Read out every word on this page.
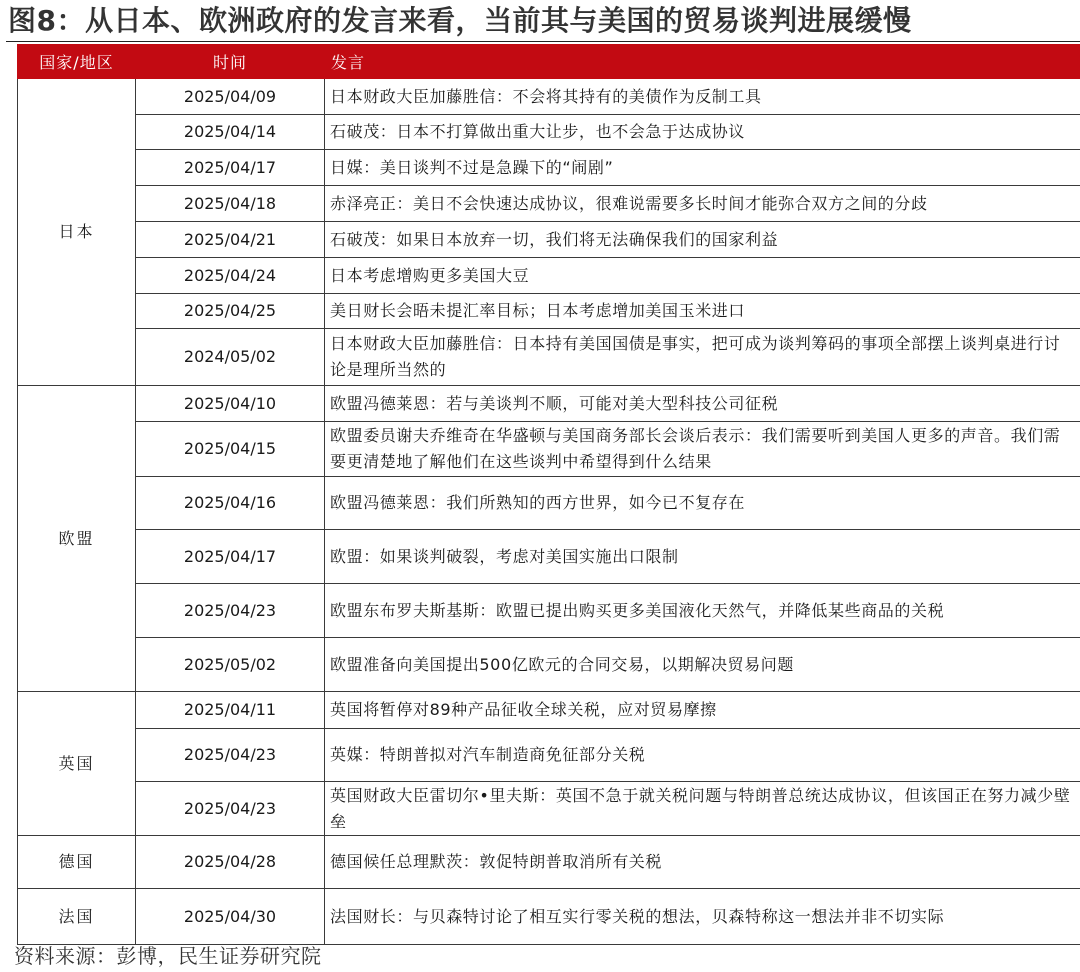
图8：从日本、欧洲政府的发言来看，当前其与美国的贸易谈判进展缓慢
国家/地区	时间	发言
日本	2025/04/09	日本财政大臣加藤胜信：不会将其持有的美债作为反制工具
	2025/04/14	石破茂：日本不打算做出重大让步，也不会急于达成协议
	2025/04/17	日媒：美日谈判不过是急躁下的“闹剧”
	2025/04/18	赤泽亮正：美日不会快速达成协议，很难说需要多长时间才能弥合双方之间的分歧
	2025/04/21	石破茂：如果日本放弃一切，我们将无法确保我们的国家利益
	2025/04/24	日本考虑增购更多美国大豆
	2025/04/25	美日财长会晤未提汇率目标；日本考虑增加美国玉米进口
	2024/05/02	日本财政大臣加藤胜信：日本持有美国国债是事实，把可成为谈判筹码的事项全部摆上谈判桌进行讨论是理所当然的
欧盟	2025/04/10	欧盟冯德莱恩：若与美谈判不顺，可能对美大型科技公司征税
	2025/04/15	欧盟委员谢夫乔维奇在华盛顿与美国商务部长会谈后表示：我们需要听到美国人更多的声音。我们需要更清楚地了解他们在这些谈判中希望得到什么结果
	2025/04/16	欧盟冯德莱恩：我们所熟知的西方世界，如今已不复存在
	2025/04/17	欧盟：如果谈判破裂，考虑对美国实施出口限制
	2025/04/23	欧盟东布罗夫斯基斯：欧盟已提出购买更多美国液化天然气，并降低某些商品的关税
	2025/05/02	欧盟准备向美国提出500亿欧元的合同交易，以期解决贸易问题
英国	2025/04/11	英国将暂停对89种产品征收全球关税，应对贸易摩擦
	2025/04/23	英媒：特朗普拟对汽车制造商免征部分关税
	2025/04/23	英国财政大臣雷切尔•里夫斯：英国不急于就关税问题与特朗普总统达成协议，但该国正在努力减少壁垒
德国	2025/04/28	德国候任总理默茨：敦促特朗普取消所有关税
法国	2025/04/30	法国财长：与贝森特讨论了相互实行零关税的想法，贝森特称这一想法并非不切实际
资料来源：彭博，民生证券研究院
